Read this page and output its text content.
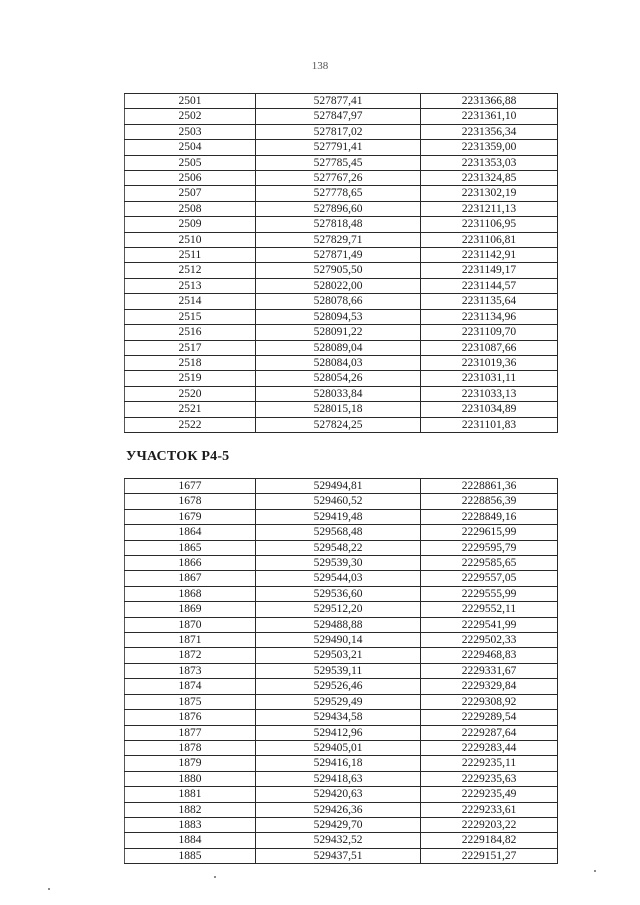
138
2501	527877,41	2231366,88
2502	527847,97	2231361,10
2503	527817,02	2231356,34
2504	527791,41	2231359,00
2505	527785,45	2231353,03
2506	527767,26	2231324,85
2507	527778,65	2231302,19
2508	527896,60	2231211,13
2509	527818,48	2231106,95
2510	527829,71	2231106,81
2511	527871,49	2231142,91
2512	527905,50	2231149,17
2513	528022,00	2231144,57
2514	528078,66	2231135,64
2515	528094,53	2231134,96
2516	528091,22	2231109,70
2517	528089,04	2231087,66
2518	528084,03	2231019,36
2519	528054,26	2231031,11
2520	528033,84	2231033,13
2521	528015,18	2231034,89
2522	527824,25	2231101,83
УЧАСТОК Р4-5
1677	529494,81	2228861,36
1678	529460,52	2228856,39
1679	529419,48	2228849,16
1864	529568,48	2229615,99
1865	529548,22	2229595,79
1866	529539,30	2229585,65
1867	529544,03	2229557,05
1868	529536,60	2229555,99
1869	529512,20	2229552,11
1870	529488,88	2229541,99
1871	529490,14	2229502,33
1872	529503,21	2229468,83
1873	529539,11	2229331,67
1874	529526,46	2229329,84
1875	529529,49	2229308,92
1876	529434,58	2229289,54
1877	529412,96	2229287,64
1878	529405,01	2229283,44
1879	529416,18	2229235,11
1880	529418,63	2229235,63
1881	529420,63	2229235,49
1882	529426,36	2229233,61
1883	529429,70	2229203,22
1884	529432,52	2229184,82
1885	529437,51	2229151,27
